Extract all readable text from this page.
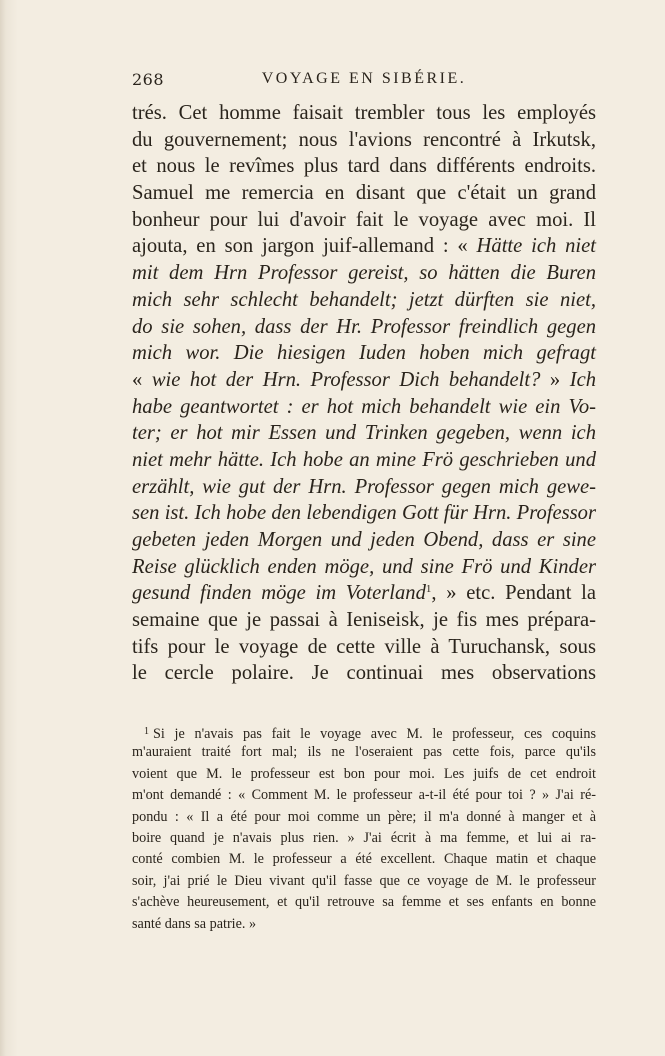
268	VOYAGE EN SIBÉRIE.
trés. Cet homme faisait trembler tous les employés
du gouvernement; nous l'avions rencontré à Irkutsk,
et nous le revîmes plus tard dans différents endroits.
Samuel me remercia en disant que c'était un grand
bonheur pour lui d'avoir fait le voyage avec moi. Il
ajouta, en son jargon juif-allemand : « Hätte ich niet
mit dem Hrn Professor gereist, so hätten die Buren
mich sehr schlecht behandelt; jetzt dürften sie niet,
do sie sohen, dass der Hr. Professor freindlich gegen
mich wor. Die hiesigen Iuden hoben mich gefragt
« wie hot der Hrn. Professor Dich behandelt? » Ich
habe geantwortet : er hot mich behandelt wie ein Vo-
ter; er hot mir Essen und Trinken gegeben, wenn ich
niet mehr hätte. Ich hobe an mine Frö geschrieben und
erzählt, wie gut der Hrn. Professor gegen mich gewe-
sen ist. Ich hobe den lebendigen Gott für Hrn. Professor
gebeten jeden Morgen und jeden Obend, dass er sine
Reise glücklich enden möge, und sine Frö und Kinder
gesund finden möge im Voterland$^1$, » etc. Pendant la
semaine que je passai à Ieniseisk, je fis mes prépara-
tifs pour le voyage de cette ville à Turuchansk, sous
le cercle polaire. Je continuai mes observations
$^1$ Si je n'avais pas fait le voyage avec M. le professeur, ces coquins
m'auraient traité fort mal; ils ne l'oseraient pas cette fois, parce qu'ils
voient que M. le professeur est bon pour moi. Les juifs de cet endroit
m'ont demandé : « Comment M. le professeur a-t-il été pour toi ? » J'ai ré-
pondu : « Il a été pour moi comme un père; il m'a donné à manger et à
boire quand je n'avais plus rien. » J'ai écrit à ma femme, et lui ai ra-
conté combien M. le professeur a été excellent. Chaque matin et chaque
soir, j'ai prié le Dieu vivant qu'il fasse que ce voyage de M. le professeur
s'achève heureusement, et qu'il retrouve sa femme et ses enfants en bonne
santé dans sa patrie. »
